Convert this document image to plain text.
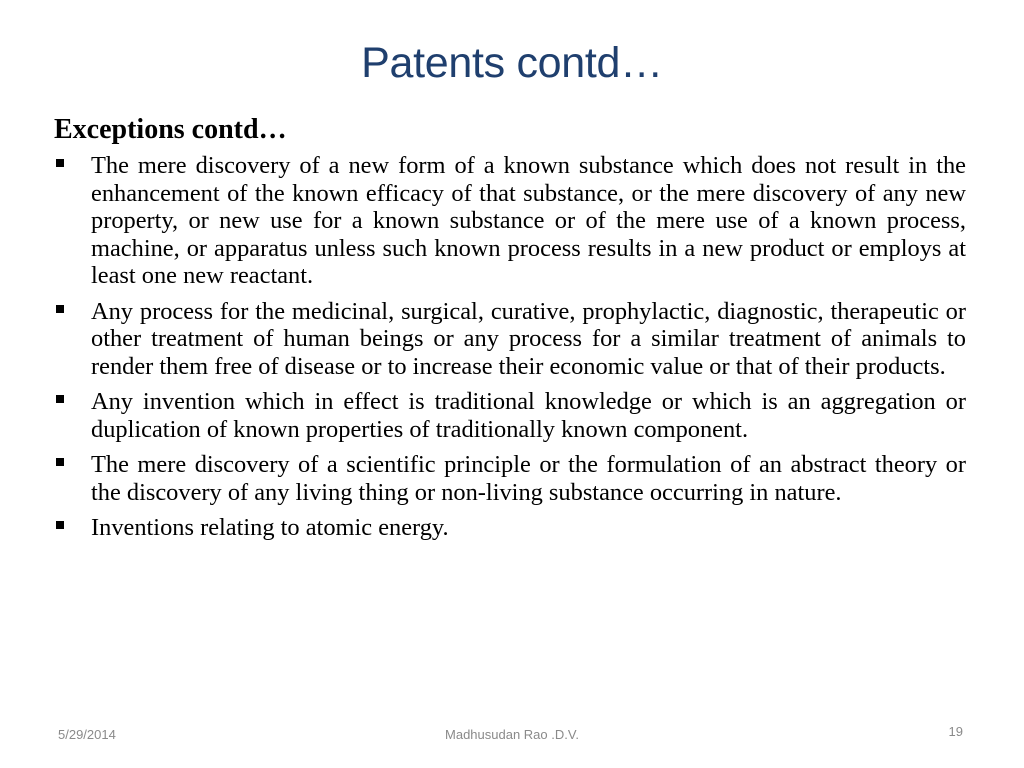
Patents contd…
Exceptions contd…
The mere discovery of a new form of a known substance which does not result in the enhancement of the known efficacy of that substance, or the mere discovery of any new property, or new use for a known substance or of the mere use of a known process, machine, or apparatus unless such known process results in a new product or employs at least one new reactant.
Any process for the medicinal, surgical, curative, prophylactic, diagnostic, therapeutic or other treatment of human beings or any process for a similar treatment of animals to render them free of disease or to increase their economic value or that of their products.
Any invention which in effect is traditional knowledge or which is an aggregation or duplication of known properties of traditionally known component.
The mere discovery of a scientific principle or the formulation of an abstract theory or the discovery of any living thing or non-living substance occurring in nature.
Inventions relating to atomic energy.
5/29/2014	Madhusudan Rao .D.V.	19
